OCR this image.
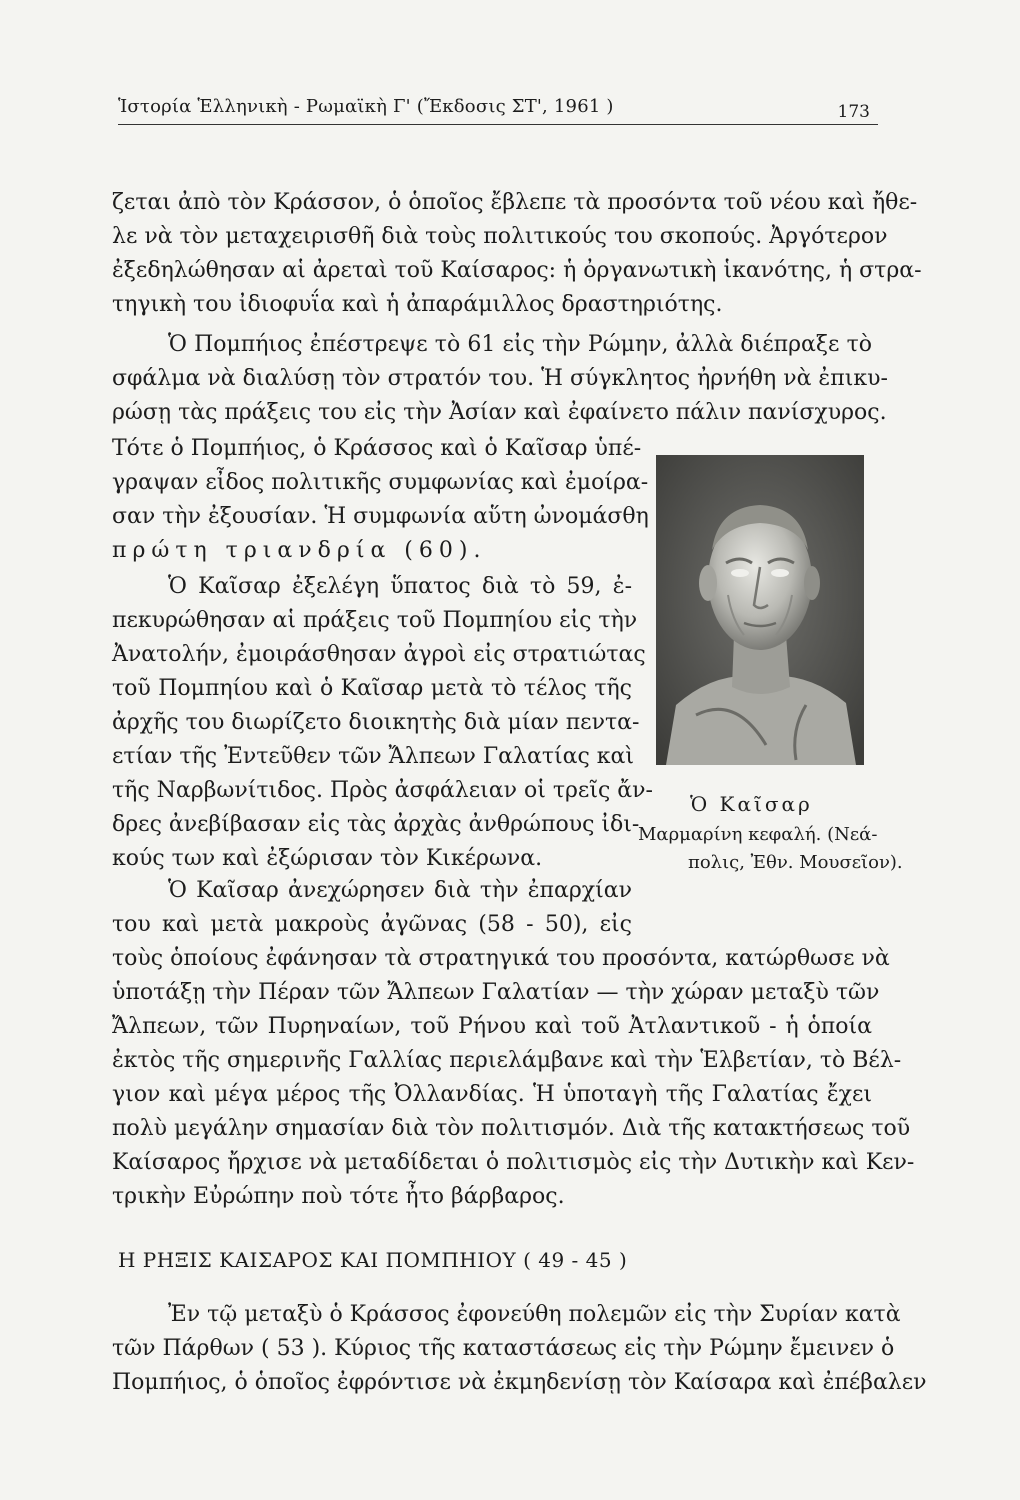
Ἱστορία Ἑλληνικὴ - Ρωμαϊκὴ Γ' (Ἔκδοσις ΣΤ', 1961 )	173
ζεται ἀπὸ τὸν Κράσσον, ὁ ὁποῖος ἔβλεπε τὰ προσόντα τοῦ νέου καὶ ἤθε-
λε νὰ τὸν μεταχειρισθῆ διὰ τοὺς πολιτικούς του σκοπούς. Ἀργότερον
ἐξεδηλώθησαν αἱ ἀρεταὶ τοῦ Καίσαρος: ἡ ὀργανωτικὴ ἱκανότης, ἡ στρα-
τηγικὴ του ἰδιοφυΐα καὶ ἡ ἀπαράμιλλος δραστηριότης.
Ὁ Πομπήιος ἐπέστρεψε τὸ 61 εἰς τὴν Ρώμην, ἀλλὰ διέπραξε τὸ
σφάλμα νὰ διαλύσῃ τὸν στρατόν του. Ἡ σύγκλητος ἠρνήθη νὰ ἐπικυ-
ρώσῃ τὰς πράξεις του εἰς τὴν Ἀσίαν καὶ ἐφαίνετο πάλιν πανίσχυρος.
Τότε ὁ Πομπήιος, ὁ Κράσσος καὶ ὁ Καῖσαρ ὑπέ-
γραψαν εἶδος πολιτικῆς συμφωνίας καὶ ἐμοίρα-
σαν τὴν ἐξουσίαν. Ἡ συμφωνία αὕτη ὠνομάσθη
πρώτη τριανδρία (60).
Ὁ Καῖσαρ ἐξελέγη ὕπατος διὰ τὸ 59, ἐ-
πεκυρώθησαν αἱ πράξεις τοῦ Πομπηίου εἰς τὴν
Ἀνατολήν, ἐμοιράσθησαν ἀγροὶ εἰς στρατιώτας
τοῦ Πομπηίου καὶ ὁ Καῖσαρ μετὰ τὸ τέλος τῆς
ἀρχῆς του διωρίζετο διοικητὴς διὰ μίαν πεντα-
ετίαν τῆς Ἐντεῦθεν τῶν Ἄλπεων Γαλατίας καὶ
τῆς Ναρβωνίτιδος. Πρὸς ἀσφάλειαν οἱ τρεῖς ἄν-
δρες ἀνεβίβασαν εἰς τὰς ἀρχὰς ἀνθρώπους ἰδι-
κούς των καὶ ἐξώρισαν τὸν Κικέρωνα.
Ὁ Καῖσαρ ἀνεχώρησεν διὰ τὴν ἐπαρχίαν
του καὶ μετὰ μακροὺς ἀγῶνας (58 - 50), εἰς
τοὺς ὁποίους ἐφάνησαν τὰ στρατηγικά του προσόντα, κατώρθωσε νὰ
ὑποτάξῃ τὴν Πέραν τῶν Ἄλπεων Γαλατίαν — τὴν χώραν μεταξὺ τῶν
Ἄλπεων, τῶν Πυρηναίων, τοῦ Ρήνου καὶ τοῦ Ἀτλαντικοῦ - ἡ ὁποία
ἐκτὸς τῆς σημερινῆς Γαλλίας περιελάμβανε καὶ τὴν Ἑλβετίαν, τὸ Βέλ-
γιον καὶ μέγα μέρος τῆς Ὀλλανδίας. Ἡ ὑποταγὴ τῆς Γαλατίας ἔχει
πολὺ μεγάλην σημασίαν διὰ τὸν πολιτισμόν. Διὰ τῆς κατακτήσεως τοῦ
Καίσαρος ἤρχισε νὰ μεταδίδεται ὁ πολιτισμὸς εἰς τὴν Δυτικὴν καὶ Κεν-
τρικὴν Εὐρώπην ποὺ τότε ἦτο βάρβαρος.
Ὁ Καῖσαρ
Μαρμαρίνη κεφαλή. (Νεά-
πολις, Ἐθν. Μουσεῖον).
Η ΡΗΞΙΣ ΚΑΙΣΑΡΟΣ ΚΑΙ ΠΟΜΠΗΙΟΥ ( 49 - 45 )
Ἐν τῷ μεταξὺ ὁ Κράσσος ἐφονεύθη πολεμῶν εἰς τὴν Συρίαν κατὰ
τῶν Πάρθων ( 53 ). Κύριος τῆς καταστάσεως εἰς τὴν Ρώμην ἔμεινεν ὁ
Πομπήιος, ὁ ὁποῖος ἐφρόντισε νὰ ἐκμηδενίσῃ τὸν Καίσαρα καὶ ἐπέβαλεν
